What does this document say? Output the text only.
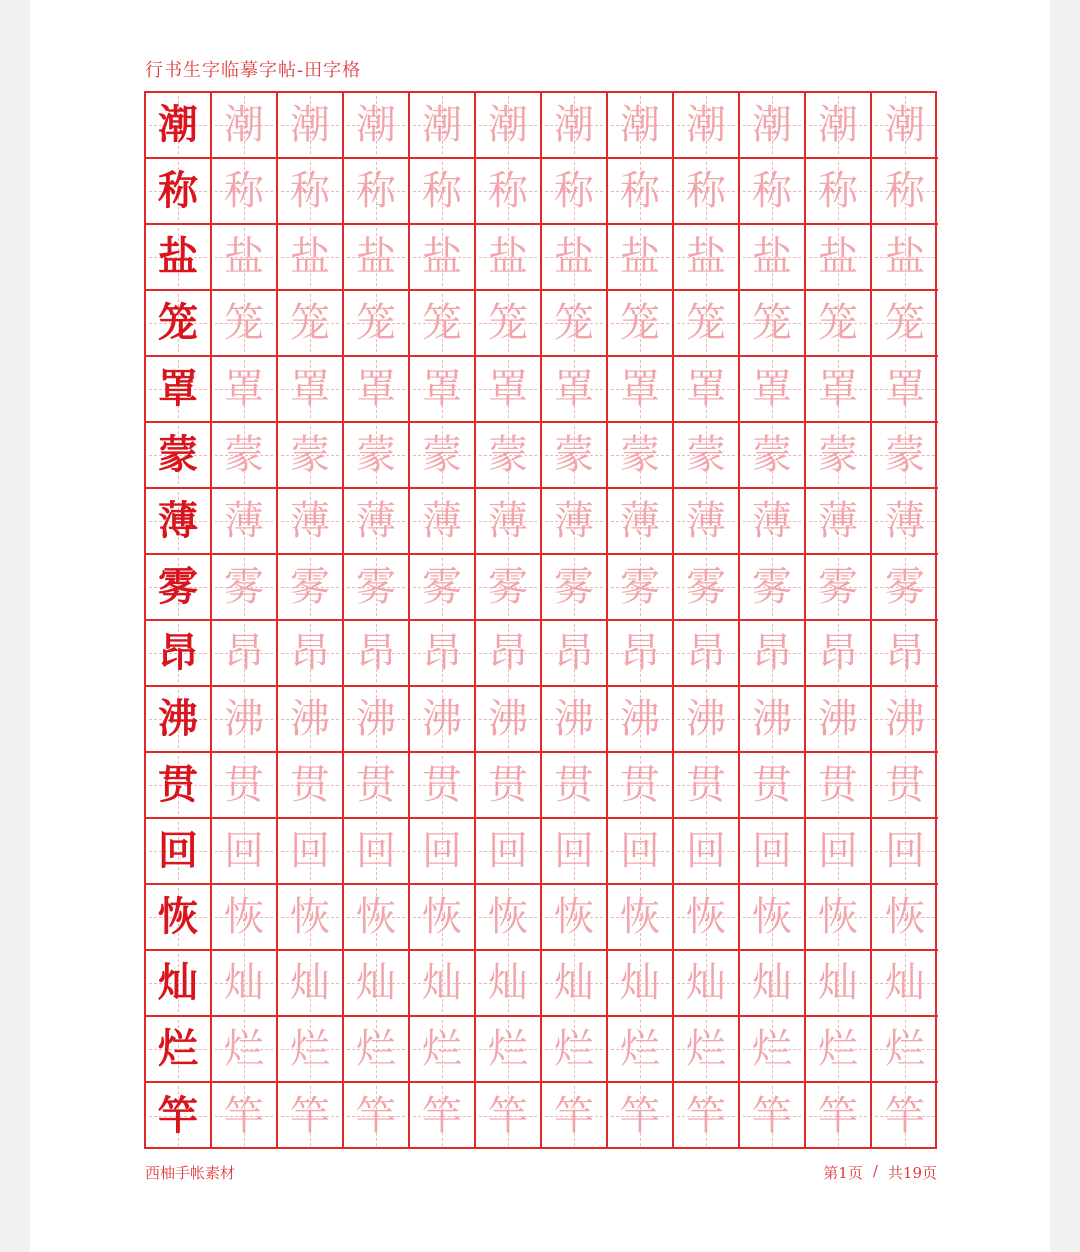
行书生字临摹字帖-田字格
潮 潮 潮 潮 潮 潮 潮 潮 潮 潮 潮 潮
称 称 称 称 称 称 称 称 称 称 称 称
盐 盐 盐 盐 盐 盐 盐 盐 盐 盐 盐 盐
笼 笼 笼 笼 笼 笼 笼 笼 笼 笼 笼 笼
罩 罩 罩 罩 罩 罩 罩 罩 罩 罩 罩 罩
蒙 蒙 蒙 蒙 蒙 蒙 蒙 蒙 蒙 蒙 蒙 蒙
薄 薄 薄 薄 薄 薄 薄 薄 薄 薄 薄 薄
雾 雾 雾 雾 雾 雾 雾 雾 雾 雾 雾 雾
昂 昂 昂 昂 昂 昂 昂 昂 昂 昂 昂 昂
沸 沸 沸 沸 沸 沸 沸 沸 沸 沸 沸 沸
贯 贯 贯 贯 贯 贯 贯 贯 贯 贯 贯 贯
回 回 回 回 回 回 回 回 回 回 回 回
恢 恢 恢 恢 恢 恢 恢 恢 恢 恢 恢 恢
灿 灿 灿 灿 灿 灿 灿 灿 灿 灿 灿 灿
烂 烂 烂 烂 烂 烂 烂 烂 烂 烂 烂 烂
竿 竿 竿 竿 竿 竿 竿 竿 竿 竿 竿 竿
西柚手帐素材	第1页 / 共19页
